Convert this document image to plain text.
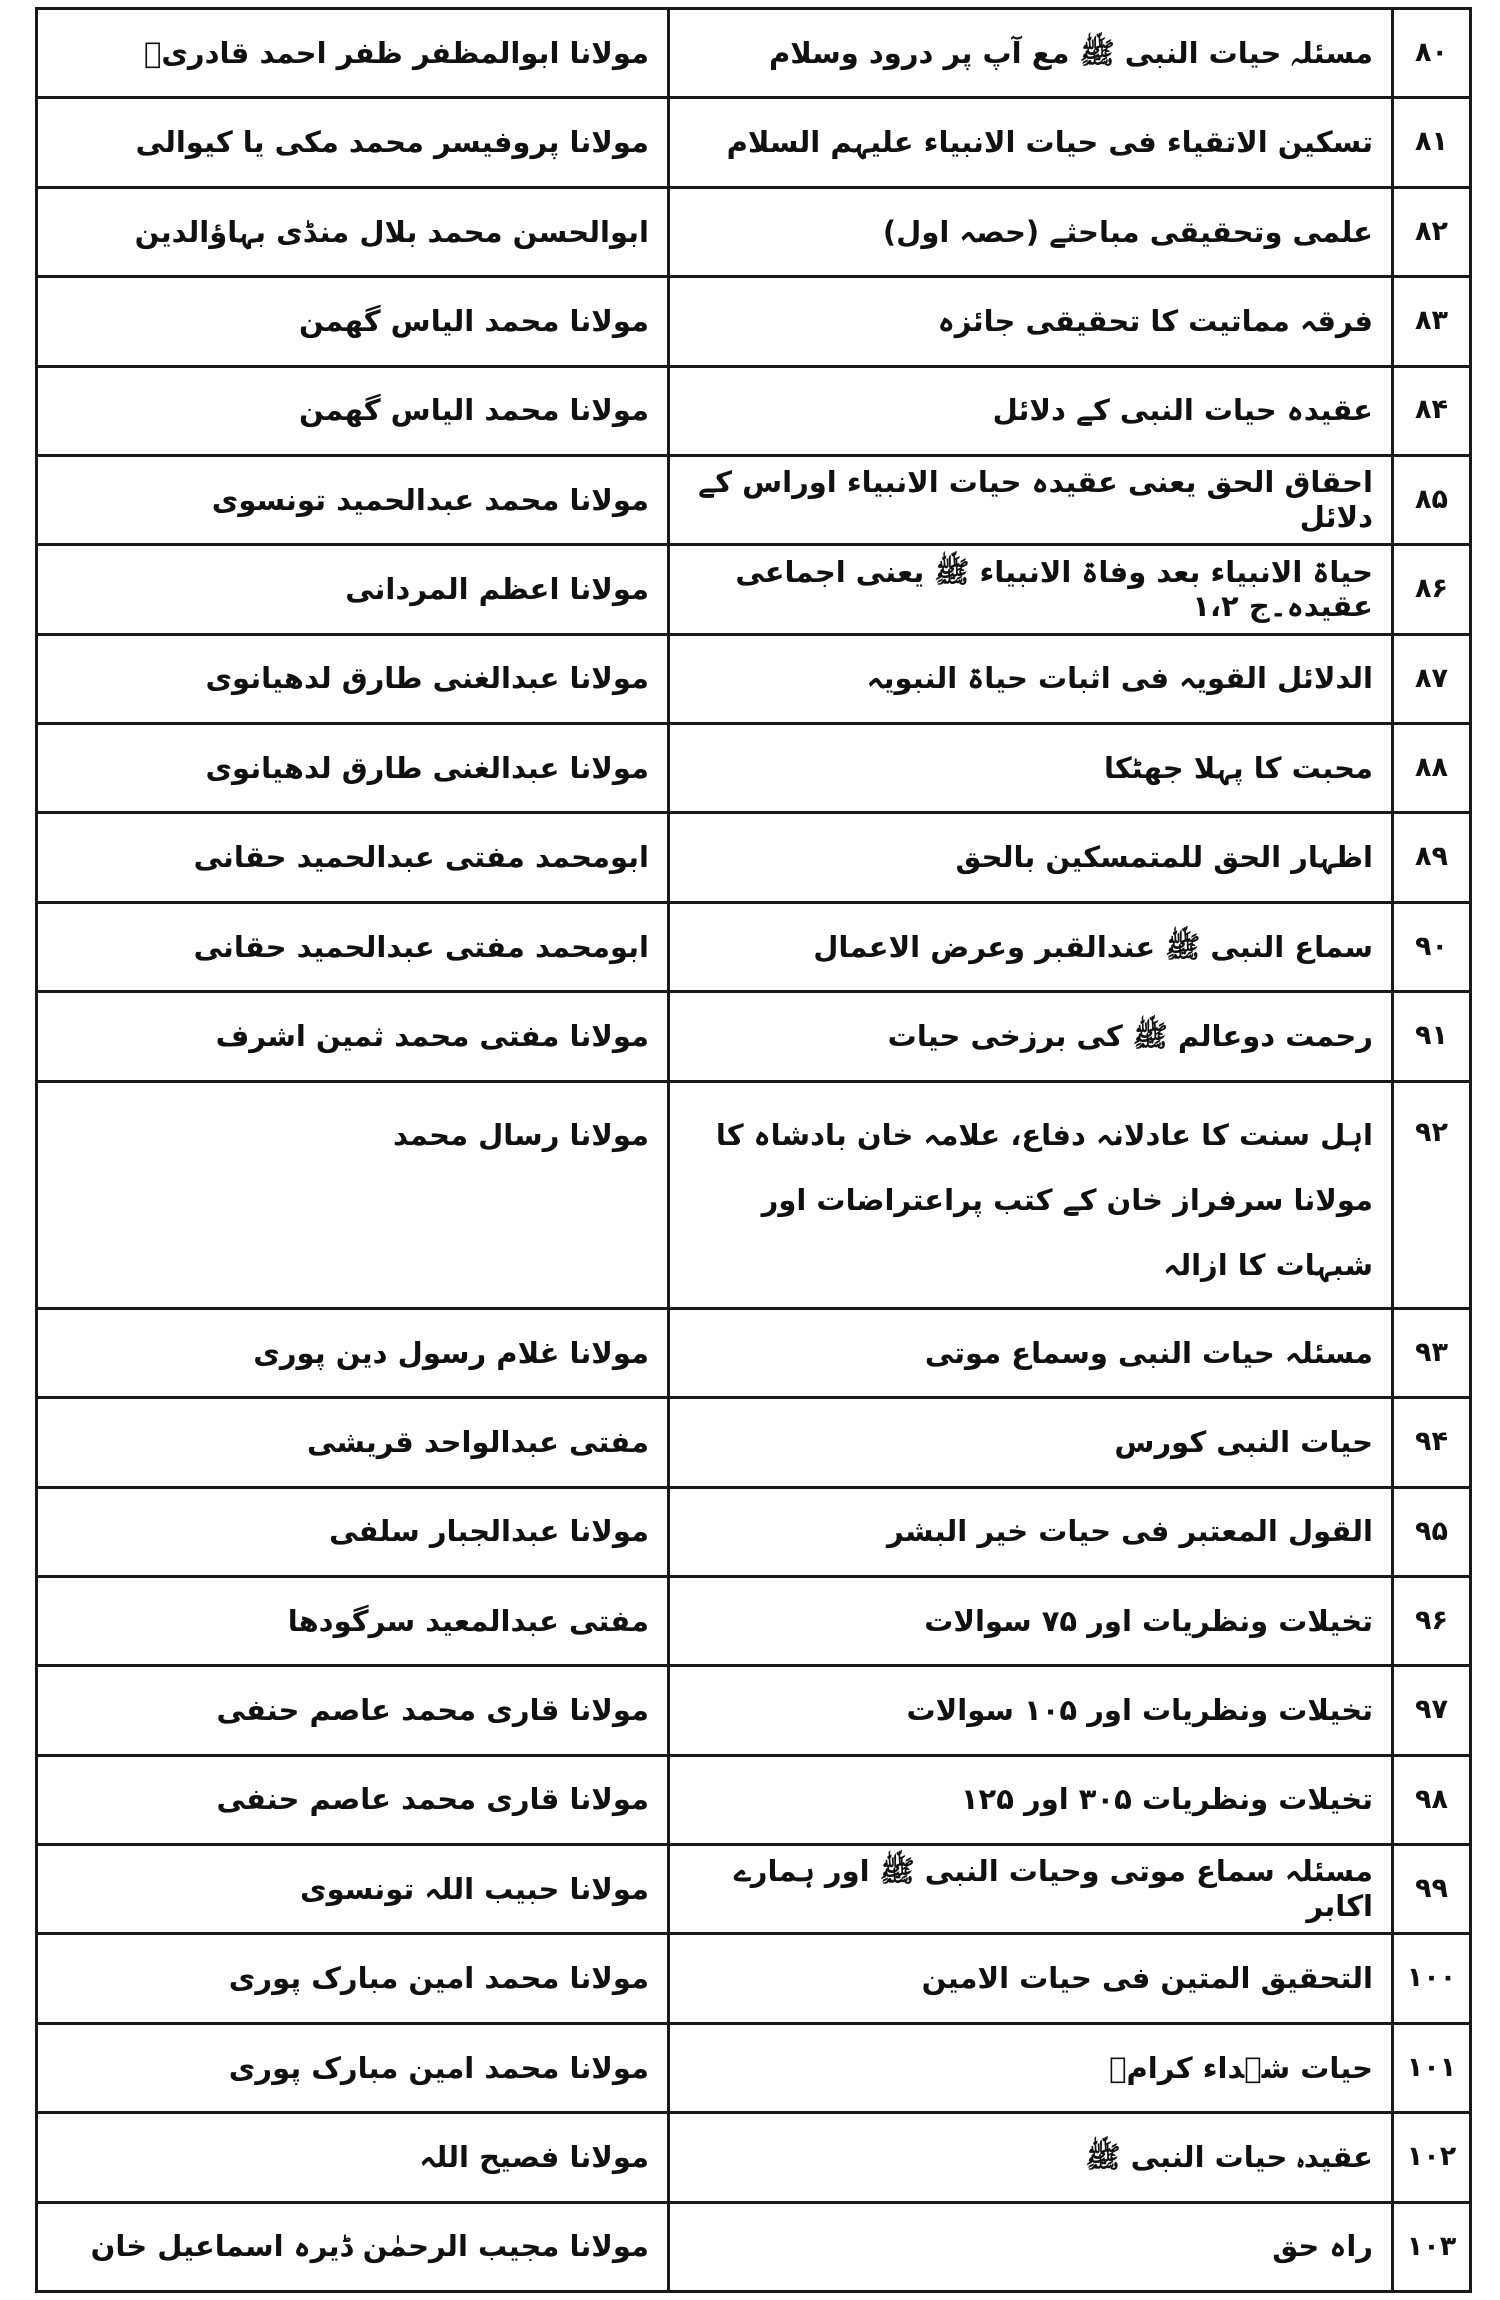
۸۰	مسئلہ حیات النبی ﷺ مع آپ پر درود وسلام	مولانا ابوالمظفر ظفر احمد قادریؒ
۸۱	تسکین الاتقیاء فی حیات الانبیاء علیہم السلام	مولانا پروفیسر محمد مکی یا کیوالی
۸۲	علمی وتحقیقی مباحثے (حصہ اول)	ابوالحسن محمد بلال منڈی بہاؤالدین
۸۳	فرقہ مماتیت کا تحقیقی جائزہ	مولانا محمد الیاس گھمن
۸۴	عقیدہ حیات النبی کے دلائل	مولانا محمد الیاس گھمن
۸۵	احقاق الحق یعنی عقیدہ حیات الانبیاء اوراس کے دلائل	مولانا محمد عبدالحمید تونسوی
۸۶	حیاۃ الانبیاء بعد وفاۃ الانبیاء ﷺ یعنی اجماعی عقیدہ۔ج ۱،۲	مولانا اعظم المردانی
۸۷	الدلائل القویہ فی اثبات حیاۃ النبویہ	مولانا عبدالغنی طارق لدھیانوی
۸۸	محبت کا پہلا جھٹکا	مولانا عبدالغنی طارق لدھیانوی
۸۹	اظہار الحق للمتمسکین بالحق	ابومحمد مفتی عبدالحمید حقانی
۹۰	سماع النبی ﷺ عندالقبر وعرض الاعمال	ابومحمد مفتی عبدالحمید حقانی
۹۱	رحمت دوعالم ﷺ کی برزخی حیات	مولانا مفتی محمد ثمین اشرف
۹۲	اہل سنت کا عادلانہ دفاع، علامہ خان بادشاہ کا مولانا سرفراز خان کے کتب پراعتراضات اور شبہات کا ازالہ	مولانا رسال محمد
۹۳	مسئلہ حیات النبی وسماع موتی	مولانا غلام رسول دین پوری
۹۴	حیات النبی کورس	مفتی عبدالواحد قریشی
۹۵	القول المعتبر فی حیات خیر البشر	مولانا عبدالجبار سلفی
۹۶	تخیلات ونظریات اور ۷۵ سوالات	مفتی عبدالمعید سرگودھا
۹۷	تخیلات ونظریات اور ۱۰۵ سوالات	مولانا قاری محمد عاصم حنفی
۹۸	تخیلات ونظریات ۳۰۵ اور ۱۲۵	مولانا قاری محمد عاصم حنفی
۹۹	مسئلہ سماع موتی وحیات النبی ﷺ اور ہمارے اکابر	مولانا حبیب اللہ تونسوی
۱۰۰	التحقیق المتین فی حیات الامین	مولانا محمد امین مبارک پوری
۱۰۱	حیات شہداء کرامؓ	مولانا محمد امین مبارک پوری
۱۰۲	عقیدہ حیات النبی ﷺ	مولانا فصیح اللہ
۱۰۳	راہ حق	مولانا مجیب الرحمٰن ڈیرہ اسماعیل خان
